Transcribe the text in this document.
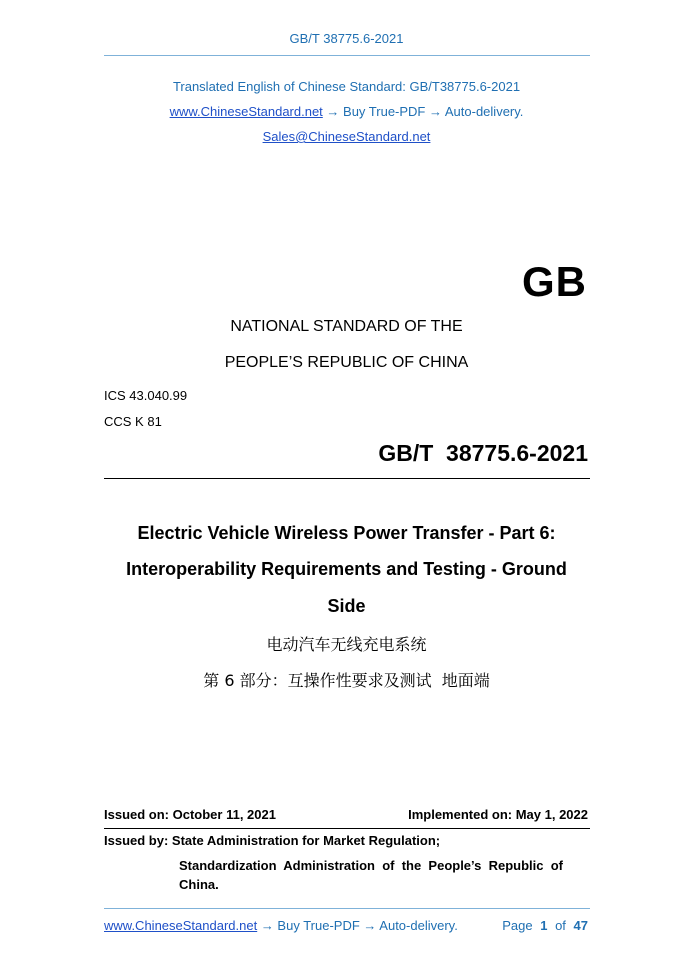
GB/T 38775.6-2021
Translated English of Chinese Standard: GB/T38775.6-2021
www.ChineseStandard.net → Buy True-PDF → Auto-delivery.
Sales@ChineseStandard.net
GB
NATIONAL STANDARD OF THE
PEOPLE’S REPUBLIC OF CHINA
ICS 43.040.99
CCS K 81
GB/T  38775.6-2021
Electric Vehicle Wireless Power Transfer - Part 6:
Interoperability Requirements and Testing - Ground
Side
电动汽车无线充电系统
第 6 部分：互操作性要求及测试  地面端
Issued on: October 11, 2021	Implemented on: May 1, 2022
Issued by: State Administration for Market Regulation;
Standardization  Administration  of  the  People’s  Republic  of
China.
www.ChineseStandard.net → Buy True-PDF → Auto-delivery.	Page 1 of 47
